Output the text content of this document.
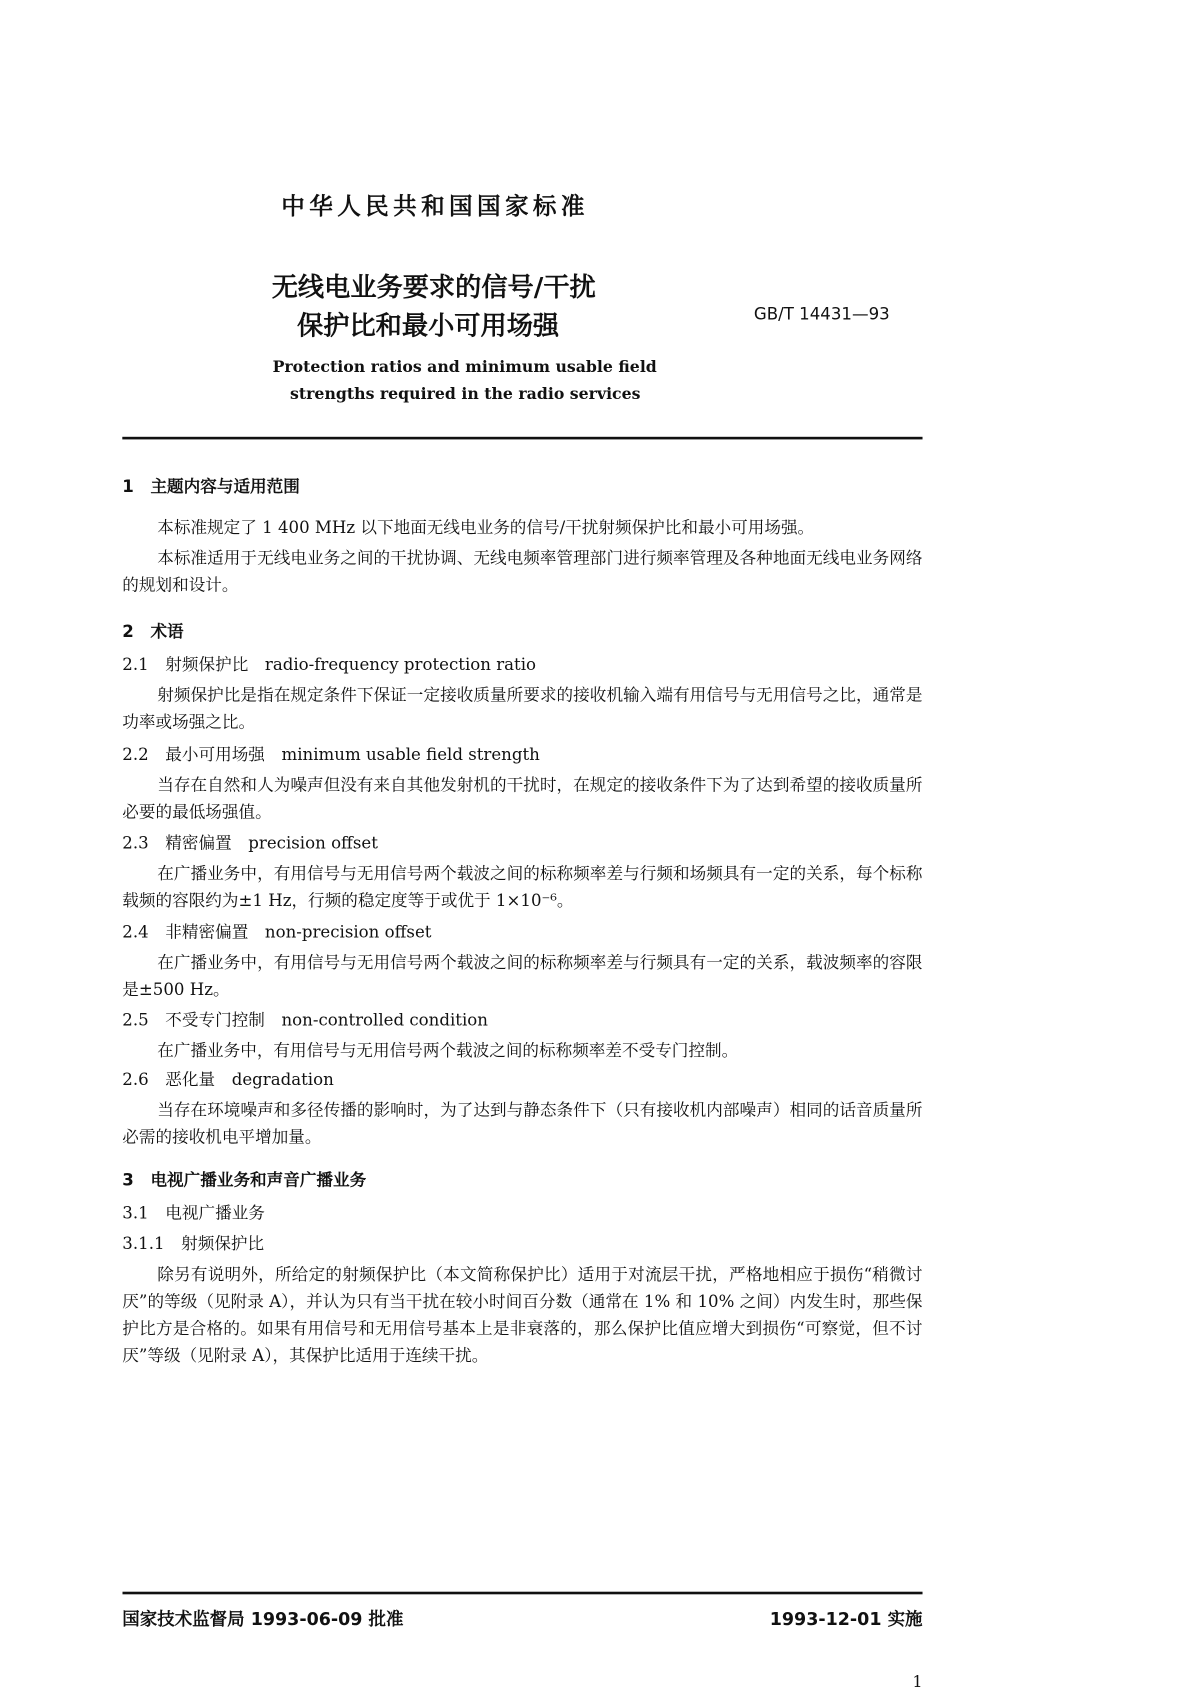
中华人民共和国国家标准
无线电业务要求的信号/干扰
保护比和最小可用场强	GB/T 14431—93
Protection ratios and minimum usable field
strengths required in the radio services
1　主题内容与适用范围
本标准规定了 1 400 MHz 以下地面无线电业务的信号/干扰射频保护比和最小可用场强。
本标准适用于无线电业务之间的干扰协调、无线电频率管理部门进行频率管理及各种地面无线电业务网络的规划和设计。
2　术语
2.1　射频保护比　radio-frequency protection ratio
射频保护比是指在规定条件下保证一定接收质量所要求的接收机输入端有用信号与无用信号之比，通常是功率或场强之比。
2.2　最小可用场强　minimum usable field strength
当存在自然和人为噪声但没有来自其他发射机的干扰时，在规定的接收条件下为了达到希望的接收质量所必要的最低场强值。
2.3　精密偏置　precision offset
在广播业务中，有用信号与无用信号两个载波之间的标称频率差与行频和场频具有一定的关系，每个标称载频的容限约为±1 Hz，行频的稳定度等于或优于 1×10⁻⁶。
2.4　非精密偏置　non-precision offset
在广播业务中，有用信号与无用信号两个载波之间的标称频率差与行频具有一定的关系，载波频率的容限是±500 Hz。
2.5　不受专门控制　non-controlled condition
在广播业务中，有用信号与无用信号两个载波之间的标称频率差不受专门控制。
2.6　恶化量　degradation
当存在环境噪声和多径传播的影响时，为了达到与静态条件下（只有接收机内部噪声）相同的话音质量所必需的接收机电平增加量。
3　电视广播业务和声音广播业务
3.1　电视广播业务
3.1.1　射频保护比
除另有说明外，所给定的射频保护比（本文简称保护比）适用于对流层干扰，严格地相应于损伤“稍微讨厌”的等级（见附录 A），并认为只有当干扰在较小时间百分数（通常在 1% 和 10% 之间）内发生时，那些保护比方是合格的。如果有用信号和无用信号基本上是非衰落的，那么保护比值应增大到损伤“可察觉，但不讨厌”等级（见附录 A），其保护比适用于连续干扰。
国家技术监督局 1993-06-09 批准	1993-12-01 实施
1
